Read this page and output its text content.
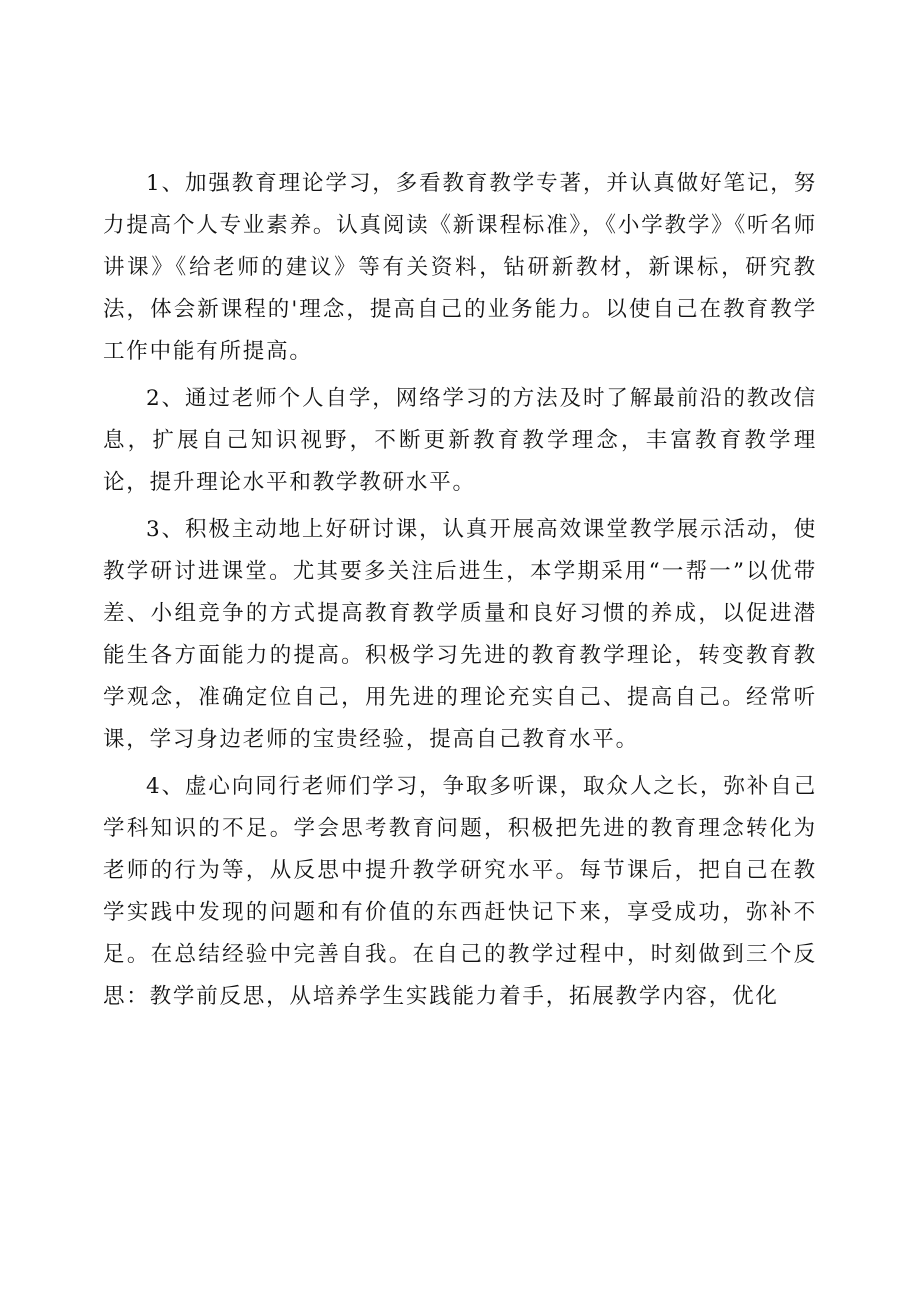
1、加强教育理论学习，多看教育教学专著，并认真做好笔记，努力提高个人专业素养。认真阅读《新课程标准》，《小学教学》《听名师讲课》《给老师的建议》等有关资料，钻研新教材，新课标，研究教法，体会新课程的'理念，提高自己的业务能力。以使自己在教育教学工作中能有所提高。

2、通过老师个人自学，网络学习的方法及时了解最前沿的教改信息，扩展自己知识视野，不断更新教育教学理念，丰富教育教学理论，提升理论水平和教学教研水平。

3、积极主动地上好研讨课，认真开展高效课堂教学展示活动，使教学研讨进课堂。尤其要多关注后进生，本学期采用“一帮一”以优带差、小组竞争的方式提高教育教学质量和良好习惯的养成，以促进潜能生各方面能力的提高。积极学习先进的教育教学理论，转变教育教学观念，准确定位自己，用先进的理论充实自己、提高自己。经常听课，学习身边老师的宝贵经验，提高自己教育水平。

4、虚心向同行老师们学习，争取多听课，取众人之长，弥补自己学科知识的不足。学会思考教育问题，积极把先进的教育理念转化为老师的行为等，从反思中提升教学研究水平。每节课后，把自己在教学实践中发现的问题和有价值的东西赶快记下来，享受成功，弥补不足。在总结经验中完善自我。在自己的教学过程中，时刻做到三个反思：教学前反思，从培养学生实践能力着手，拓展教学内容，优化
